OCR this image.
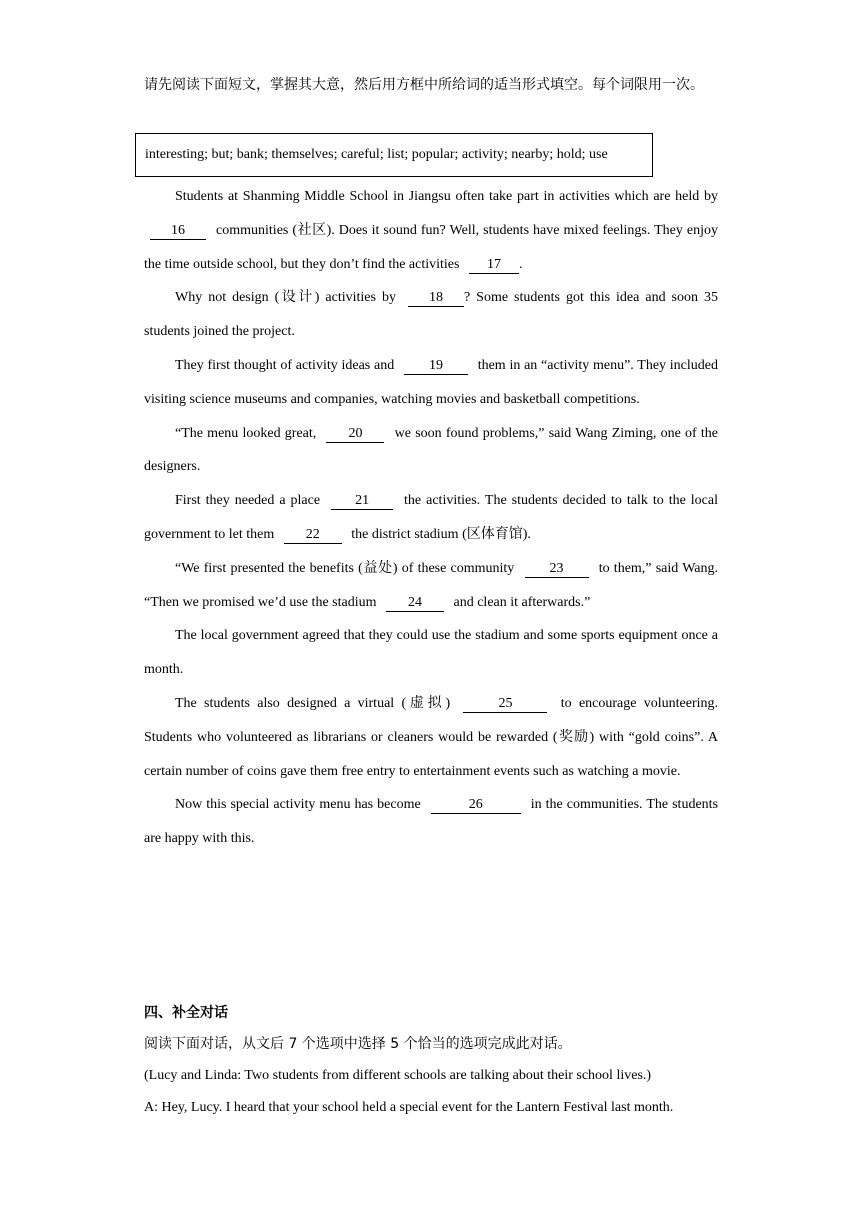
请先阅读下面短文，掌握其大意，然后用方框中所给词的适当形式填空。每个词限用一次。
interesting; but; bank; themselves; careful; list; popular; activity; nearby; hold; use

Students at Shanming Middle School in Jiangsu often take part in activities which are held by 16 communities (社区). Does it sound fun? Well, students have mixed feelings. They enjoy the time outside school, but they don’t find the activities 17 .

Why not design (设计) activities by 18 ? Some students got this idea and soon 35 students joined the project.

They first thought of activity ideas and 19 them in an “activity menu”. They included visiting science museums and companies, watching movies and basketball competitions.

“The menu looked great, 20 we soon found problems,” said Wang Ziming, one of the designers.

First they needed a place 21 the activities. The students decided to talk to the local government to let them 22 the district stadium (区体育馆).

“We first presented the benefits (益处) of these community	23	to them,” said Wang. “Then we promised we’d use the stadium 24 and clean it afterwards.”

The local government agreed that they could use the stadium and some sports equipment once a month.

The students also designed a virtual (虚拟)	25	to encourage volunteering. Students who volunteered as librarians or cleaners would be rewarded (奖励) with “gold coins”. A certain number of coins gave them free entry to entertainment events such as watching a movie.

Now this special activity menu has become	26	in the communities. The students are happy with this.

四、补全对话

阅读下面对话，从文后 7 个选项中选择 5 个恰当的选项完成此对话。

(Lucy and Linda: Two students from different schools are talking about their school lives.)

A: Hey, Lucy. I heard that your school held a special event for the Lantern Festival last month.
